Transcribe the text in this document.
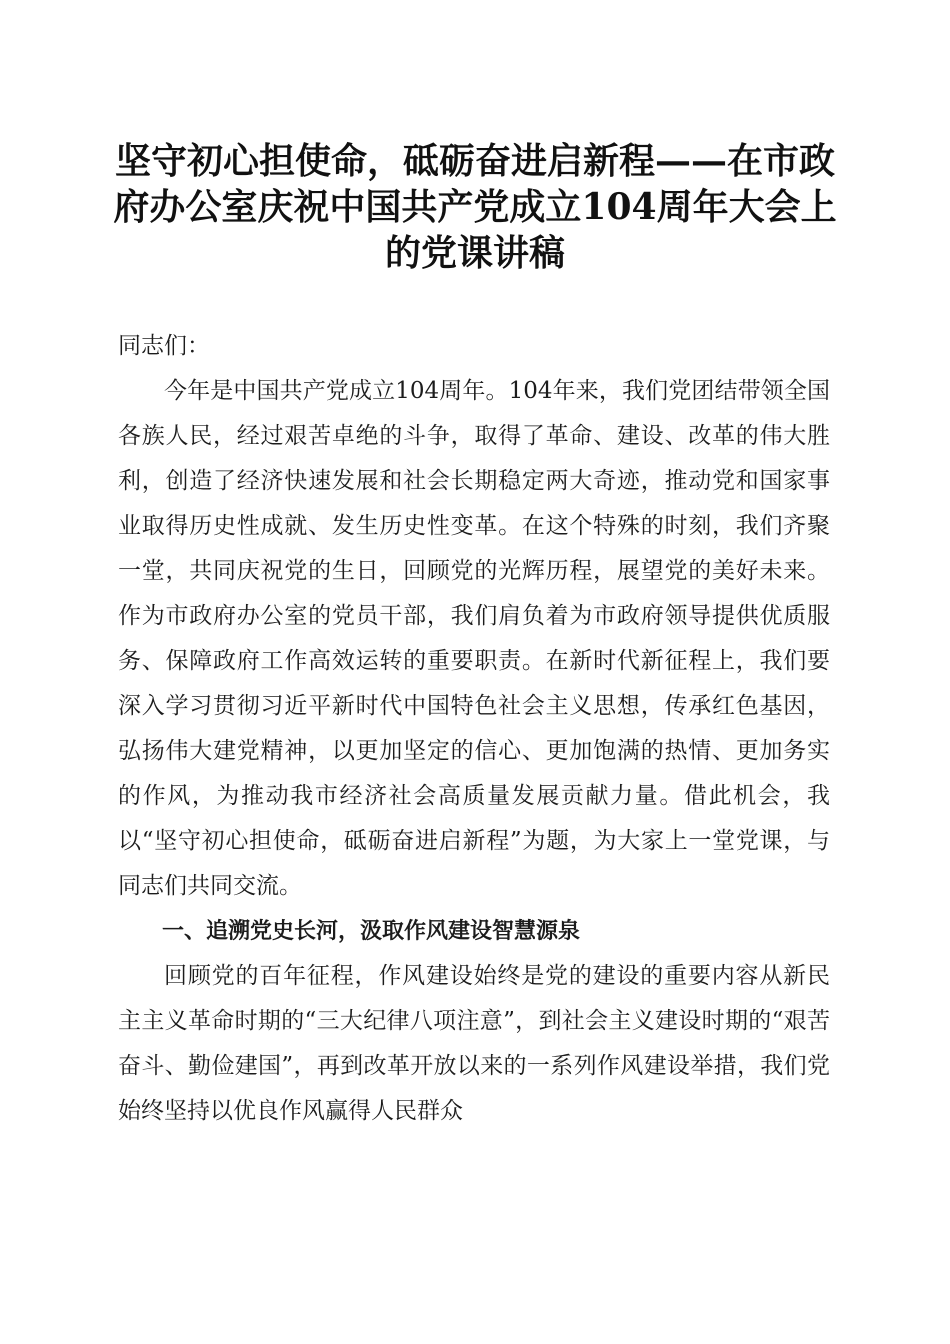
坚守初心担使命，砥砺奋进启新程——在市政府办公室庆祝中国共产党成立104周年大会上的党课讲稿

同志们：

今年是中国共产党成立104周年。104年来，我们党团结带领全国各族人民，经过艰苦卓绝的斗争，取得了革命、建设、改革的伟大胜利，创造了经济快速发展和社会长期稳定两大奇迹，推动党和国家事业取得历史性成就、发生历史性变革。在这个特殊的时刻，我们齐聚一堂，共同庆祝党的生日，回顾党的光辉历程，展望党的美好未来。作为市政府办公室的党员干部，我们肩负着为市政府领导提供优质服务、保障政府工作高效运转的重要职责。在新时代新征程上，我们要深入学习贯彻习近平新时代中国特色社会主义思想，传承红色基因，弘扬伟大建党精神，以更加坚定的信心、更加饱满的热情、更加务实的作风，为推动我市经济社会高质量发展贡献力量。借此机会，我以“坚守初心担使命，砥砺奋进启新程”为题，为大家上一堂党课，与同志们共同交流。

一、追溯党史长河，汲取作风建设智慧源泉

回顾党的百年征程，作风建设始终是党的建设的重要内容从新民主主义革命时期的“三大纪律八项注意”，到社会主义建设时期的“艰苦奋斗、勤俭建国”，再到改革开放以来的一系列作风建设举措，我们党始终坚持以优良作风赢得人民群众
